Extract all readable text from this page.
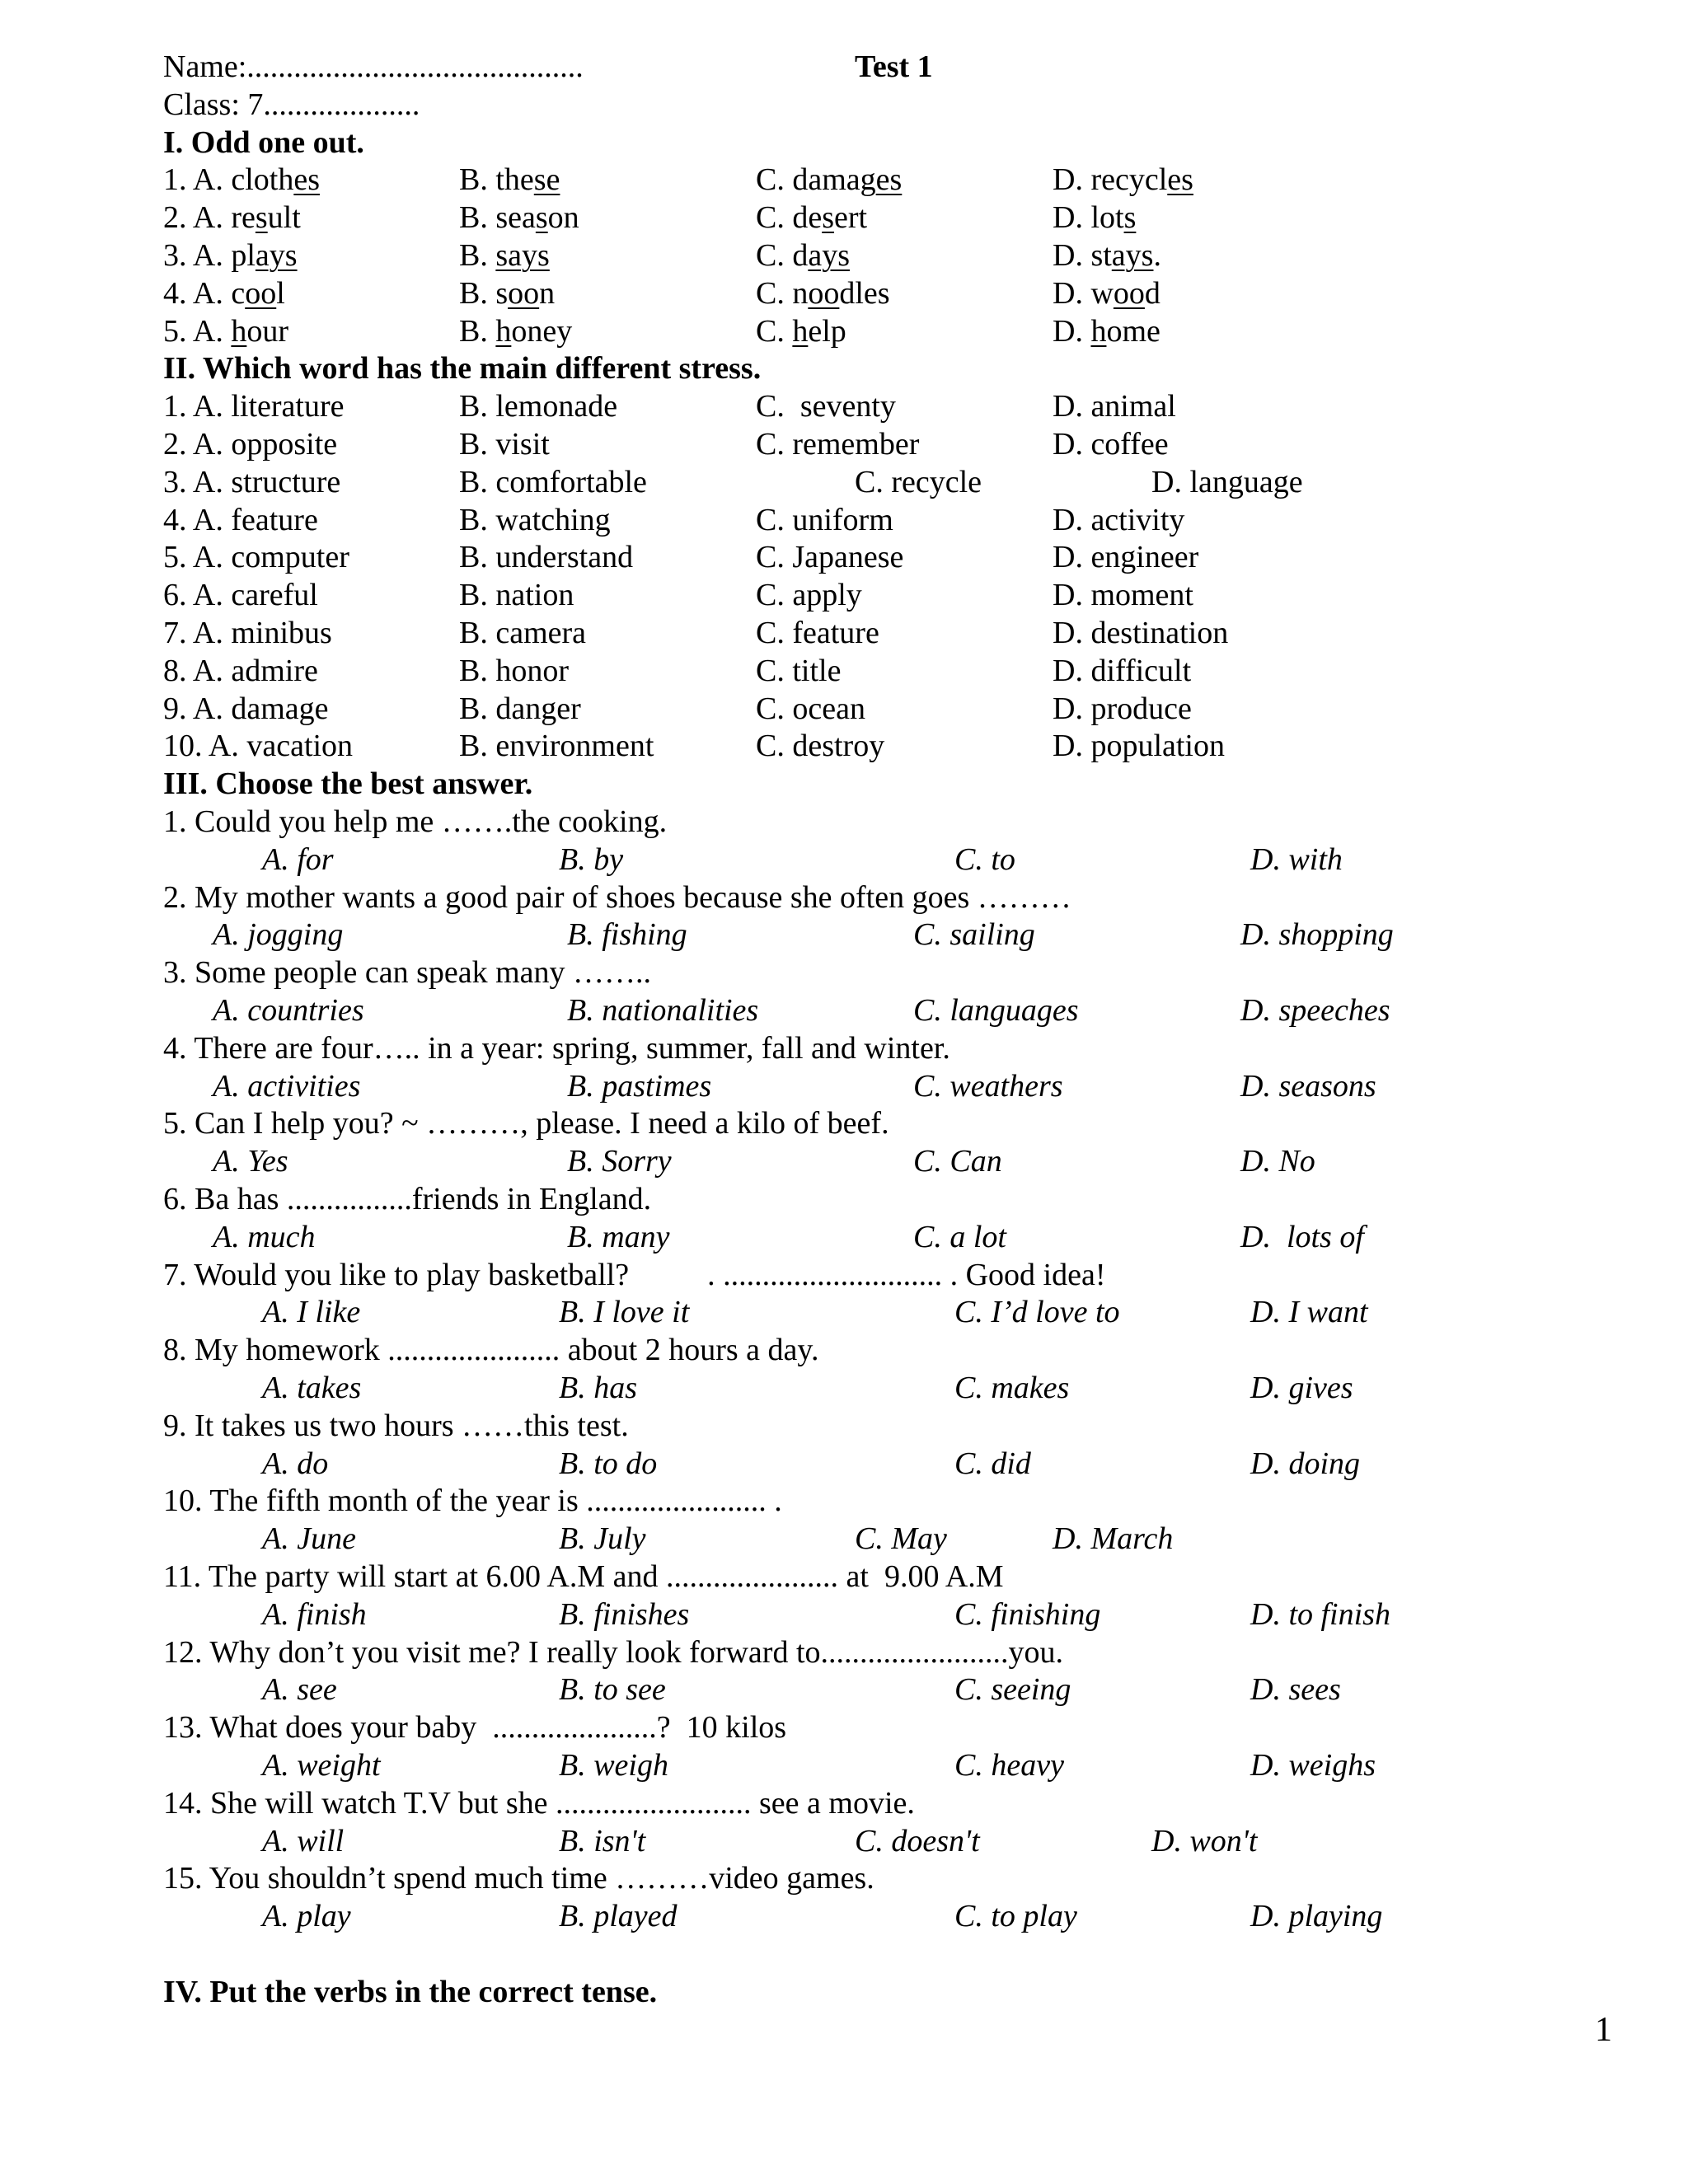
Name:...........................................	Test 1
Class: 7....................
I. Odd one out.
1. A. clothes	B. these	C. damages	D. recycles
2. A. result	B. season	C. desert	D. lots
3. A. plays	B. says	C. days	D. stays.
4. A. cool	B. soon	C. noodles	D. wood
5. A. hour	B. honey	C. help	D. home
II. Which word has the main different stress.
1. A. literature	B. lemonade	C.  seventy	D. animal
2. A. opposite	B. visit	C. remember	D. coffee
3. A. structure	B. comfortable	C. recycle	D. language
4. A. feature	B. watching	C. uniform	D. activity
5. A. computer	B. understand	C. Japanese	D. engineer
6. A. careful	B. nation	C. apply	D. moment
7. A. minibus	B. camera	C. feature	D. destination
8. A. admire	B. honor	C. title	D. difficult
9. A. damage	B. danger	C. ocean	D. produce
10. A. vacation	B. environment	C. destroy	D. population
III. Choose the best answer.
1. Could you help me …….the cooking.
A. for	B. by	C. to	D. with
2. My mother wants a good pair of shoes because she often goes ………
A. jogging	B. fishing	C. sailing	D. shopping
3. Some people can speak many ……..
A. countries	B. nationalities	C. languages	D. speeches
4. There are four….. in a year: spring, summer, fall and winter.
A. activities	B. pastimes	C. weathers	D. seasons
5. Can I help you? ~ ………, please. I need a kilo of beef.
A. Yes	B. Sorry	C. Can	D. No
6. Ba has ................friends in England.
A. much	B. many	C. a lot	D.  lots of
7. Would you like to play basketball?          . ............................ . Good idea!
A. I like	B. I love it	C. I’d love to	D. I want
8. My homework ...................... about 2 hours a day.
A. takes	B. has	C. makes	D. gives
9. It takes us two hours ……this test.
A. do	B. to do	C. did	D. doing
10. The fifth month of the year is ....................... .
A. June	B. July	C. May	D. March
11. The party will start at 6.00 A.M and ...................... at  9.00 A.M
A. finish	B. finishes	C. finishing	D. to finish
12. Why don’t you visit me? I really look forward to........................you.
A. see	B. to see	C. seeing	D. sees
13. What does your baby  .....................?  10 kilos
A. weight	B. weigh	C. heavy	D. weighs
14. She will watch T.V but she ......................... see a movie.
A. will	B. isn't	C. doesn't	D. won't
15. You shouldn’t spend much time ………video games.
A. play	B. played	C. to play	D. playing
IV. Put the verbs in the correct tense.
1
